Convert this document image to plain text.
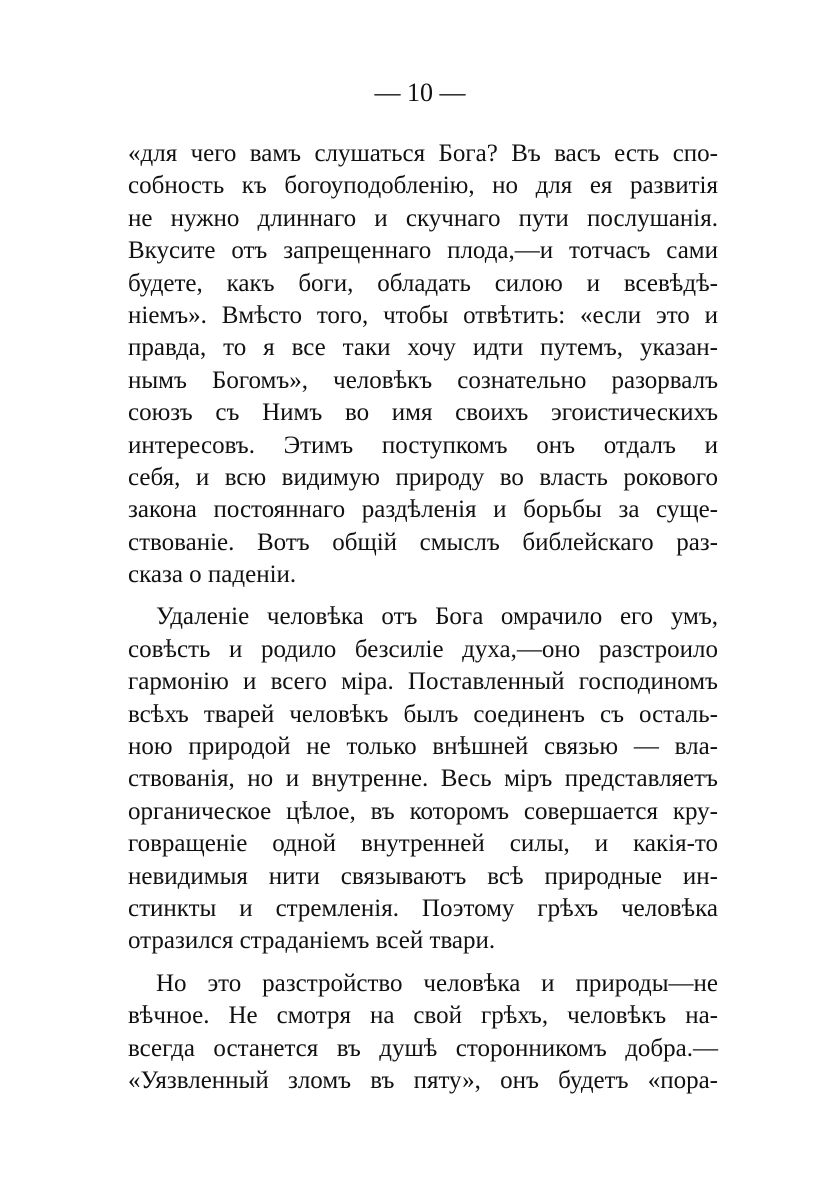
— 10 —
«для чего вамъ слушаться Бога? Въ васъ есть спо-
собность къ богоуподобленію, но для ея развитія
не нужно длиннаго и скучнаго пути послушанія.
Вкусите отъ запрещеннаго плода,—и тотчасъ сами
будете, какъ боги, обладать силою и всевѣдѣ-
ніемъ». Вмѣсто того, чтобы отвѣтить: «если это и
правда, то я все таки хочу идти путемъ, указан-
нымъ Богомъ», человѣкъ сознательно разорвалъ
союзъ съ Нимъ во имя своихъ эгоистическихъ
интересовъ. Этимъ поступкомъ онъ отдалъ и
себя, и всю видимую природу во власть рокового
закона постояннаго раздѣленія и борьбы за суще-
ствованіе. Вотъ общій смыслъ библейскаго раз-
сказа о паденіи.
Удаленіе человѣка отъ Бога омрачило его умъ,
совѣсть и родило безсиліе духа,—оно разстроило
гармонію и всего міра. Поставленный господиномъ
всѣхъ тварей человѣкъ былъ соединенъ съ осталь-
ною природой не только внѣшней связью — вла-
ствованія, но и внутренне. Весь міръ представляетъ
органическое цѣлое, въ которомъ совершается кру-
говращеніе одной внутренней силы, и какія-то
невидимыя нити связываютъ всѣ природные ин-
стинкты и стремленія. Поэтому грѣхъ человѣка
отразился страданіемъ всей твари.
Но это разстройство человѣка и природы—не
вѣчное. Не смотря на свой грѣхъ, человѣкъ на-
всегда останется въ душѣ сторонникомъ добра.—
«Уязвленный зломъ въ пяту», онъ будетъ «пора-
